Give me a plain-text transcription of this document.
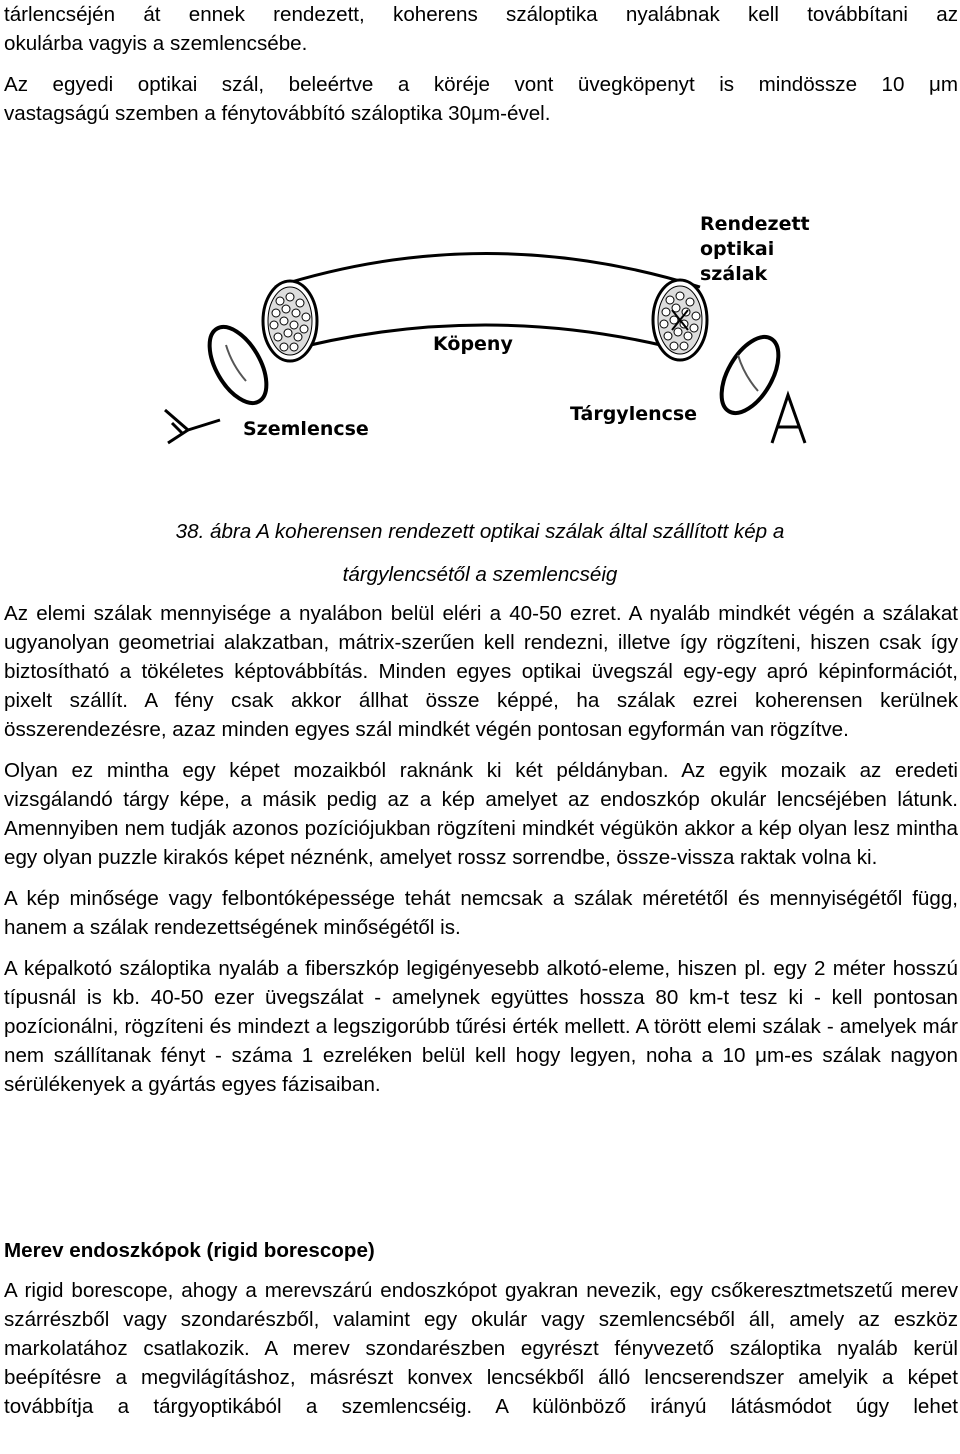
tárlencséjén át ennek rendezett, koherens száloptika nyalábnak kell továbbítani az
okulárba vagyis a szemlencsébe.
Az egyedi optikai szál, beleértve a köréje vont üvegköpenyt is mindössze 10 μm
vastagságú szemben a fénytovábbító száloptika 30μm-ével.
Rendezett
optikai
szálak
Köpeny
Szemlencse
Tárgylencse
38. ábra A koherensen rendezett optikai szálak által szállított kép a
tárgylencsétől a szemlencséig

Az elemi szálak mennyisége a nyalábon belül eléri a 40-50 ezret. A nyaláb mindkét végén a szálakat ugyanolyan geometriai alakzatban, mátrix-szerűen kell rendezni, illetve így rögzíteni, hiszen csak így biztosítható a tökéletes képtovábbítás. Minden egyes optikai üvegszál egy-egy apró képinformációt, pixelt szállít. A fény csak akkor állhat össze képpé, ha szálak ezrei koherensen kerülnek összerendezésre, azaz minden egyes szál mindkét végén pontosan egyformán van rögzítve.

Olyan ez mintha egy képet mozaikból raknánk ki két példányban. Az egyik mozaik az eredeti vizsgálandó tárgy képe, a másik pedig az a kép amelyet az endoszkóp okulár lencséjében látunk. Amennyiben nem tudják azonos pozíciójukban rögzíteni mindkét végükön akkor a kép olyan lesz mintha egy olyan puzzle kirakós képet néznénk, amelyet rossz sorrendbe, össze-vissza raktak volna ki.

A kép minősége vagy felbontóképessége tehát nemcsak a szálak méretétől és mennyiségétől függ, hanem a szálak rendezettségének minőségétől is.

A képalkotó száloptika nyaláb a fiberszkóp legigényesebb alkotó-eleme, hiszen pl. egy 2 méter hosszú típusnál is kb. 40-50 ezer üvegszálat - amelynek együttes hossza 80 km-t tesz ki - kell pontosan pozícionálni, rögzíteni és mindezt a legszigorúbb tűrési érték mellett. A törött elemi szálak - amelyek már nem szállítanak fényt - száma 1 ezreléken belül kell hogy legyen, noha a 10 μm-es szálak nagyon sérülékenyek a gyártás egyes fázisaiban.

Merev endoszkópok (rigid borescope)

A rigid borescope, ahogy a merevszárú endoszkópot gyakran nevezik, egy csőkeresztmetszetű merev szárrészből vagy szondarészből, valamint egy okulár vagy szemlencséből áll, amely az eszköz markolatához csatlakozik. A merev szondarészben egyrészt fényvezető száloptika nyaláb kerül beépítésre a megvilágításhoz, másrészt konvex lencsékből álló lencserendszer amelyik a képet továbbítja a tárgyoptikából a szemlencséig. A különböző irányú látásmódot úgy lehet
